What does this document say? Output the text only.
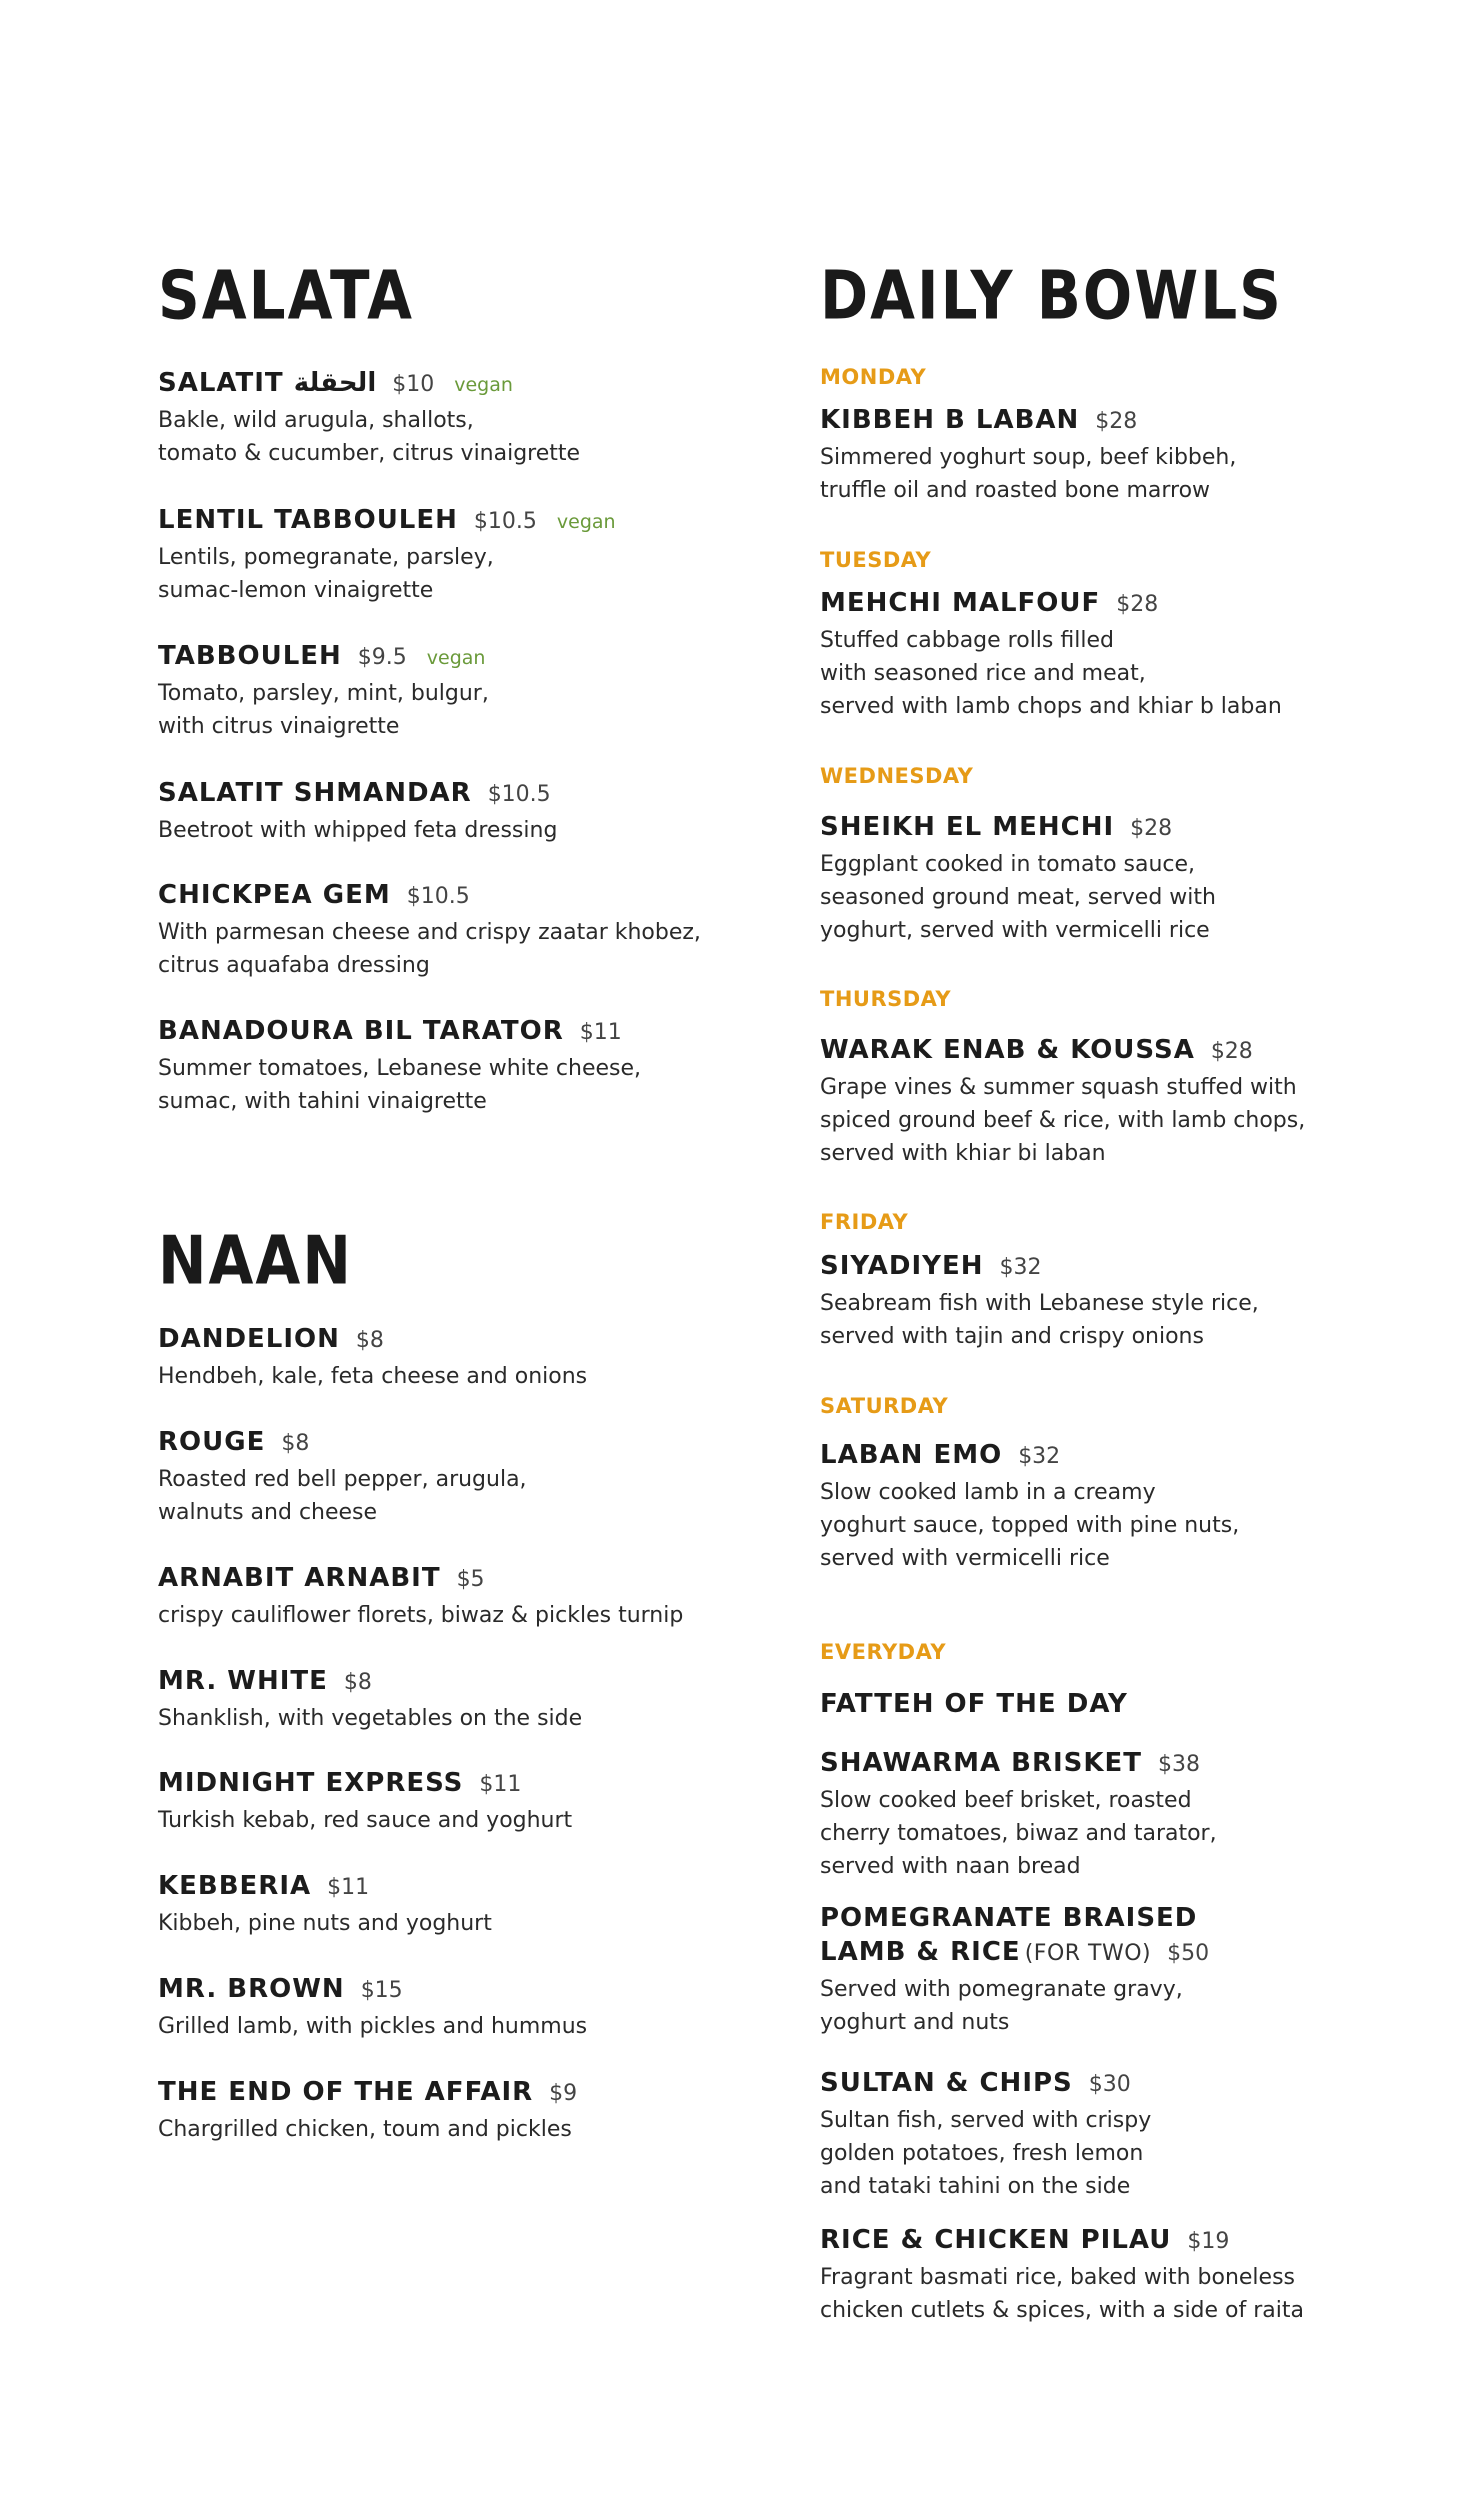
SALATA
SALATIT الحقلة $10 vegan
Bakle, wild arugula, shallots,
tomato & cucumber, citrus vinaigrette
LENTIL TABBOULEH $10.5 vegan
Lentils, pomegranate, parsley,
sumac-lemon vinaigrette
TABBOULEH $9.5 vegan
Tomato, parsley, mint, bulgur,
with citrus vinaigrette
SALATIT SHMANDAR $10.5
Beetroot with whipped feta dressing
CHICKPEA GEM $10.5
With parmesan cheese and crispy zaatar khobez,
citrus aquafaba dressing
BANADOURA BIL TARATOR $11
Summer tomatoes, Lebanese white cheese,
sumac, with tahini vinaigrette
NAAN
DANDELION $8
Hendbeh, kale, feta cheese and onions
ROUGE $8
Roasted red bell pepper, arugula,
walnuts and cheese
ARNABIT ARNABIT $5
crispy cauliflower florets, biwaz & pickles turnip
MR. WHITE $8
Shanklish, with vegetables on the side
MIDNIGHT EXPRESS $11
Turkish kebab, red sauce and yoghurt
KEBBERIA $11
Kibbeh, pine nuts and yoghurt
MR. BROWN $15
Grilled lamb, with pickles and hummus
THE END OF THE AFFAIR $9
Chargrilled chicken, toum and pickles
DAILY BOWLS
MONDAY
KIBBEH B LABAN $28
Simmered yoghurt soup, beef kibbeh,
truffle oil and roasted bone marrow
TUESDAY
MEHCHI MALFOUF $28
Stuffed cabbage rolls filled
with seasoned rice and meat,
served with lamb chops and khiar b laban
WEDNESDAY
SHEIKH EL MEHCHI $28
Eggplant cooked in tomato sauce,
seasoned ground meat, served with
yoghurt, served with vermicelli rice
THURSDAY
WARAK ENAB & KOUSSA $28
Grape vines & summer squash stuffed with
spiced ground beef & rice, with lamb chops,
served with khiar bi laban
FRIDAY
SIYADIYEH $32
Seabream fish with Lebanese style rice,
served with tajin and crispy onions
SATURDAY
LABAN EMO $32
Slow cooked lamb in a creamy
yoghurt sauce, topped with pine nuts,
served with vermicelli rice
EVERYDAY
FATTEH OF THE DAY
SHAWARMA BRISKET $38
Slow cooked beef brisket, roasted
cherry tomatoes, biwaz and tarator,
served with naan bread
POMEGRANATE BRAISED
LAMB & RICE (FOR TWO) $50
Served with pomegranate gravy,
yoghurt and nuts
SULTAN & CHIPS $30
Sultan fish, served with crispy
golden potatoes, fresh lemon
and tataki tahini on the side
RICE & CHICKEN PILAU $19
Fragrant basmati rice, baked with boneless
chicken cutlets & spices, with a side of raita
